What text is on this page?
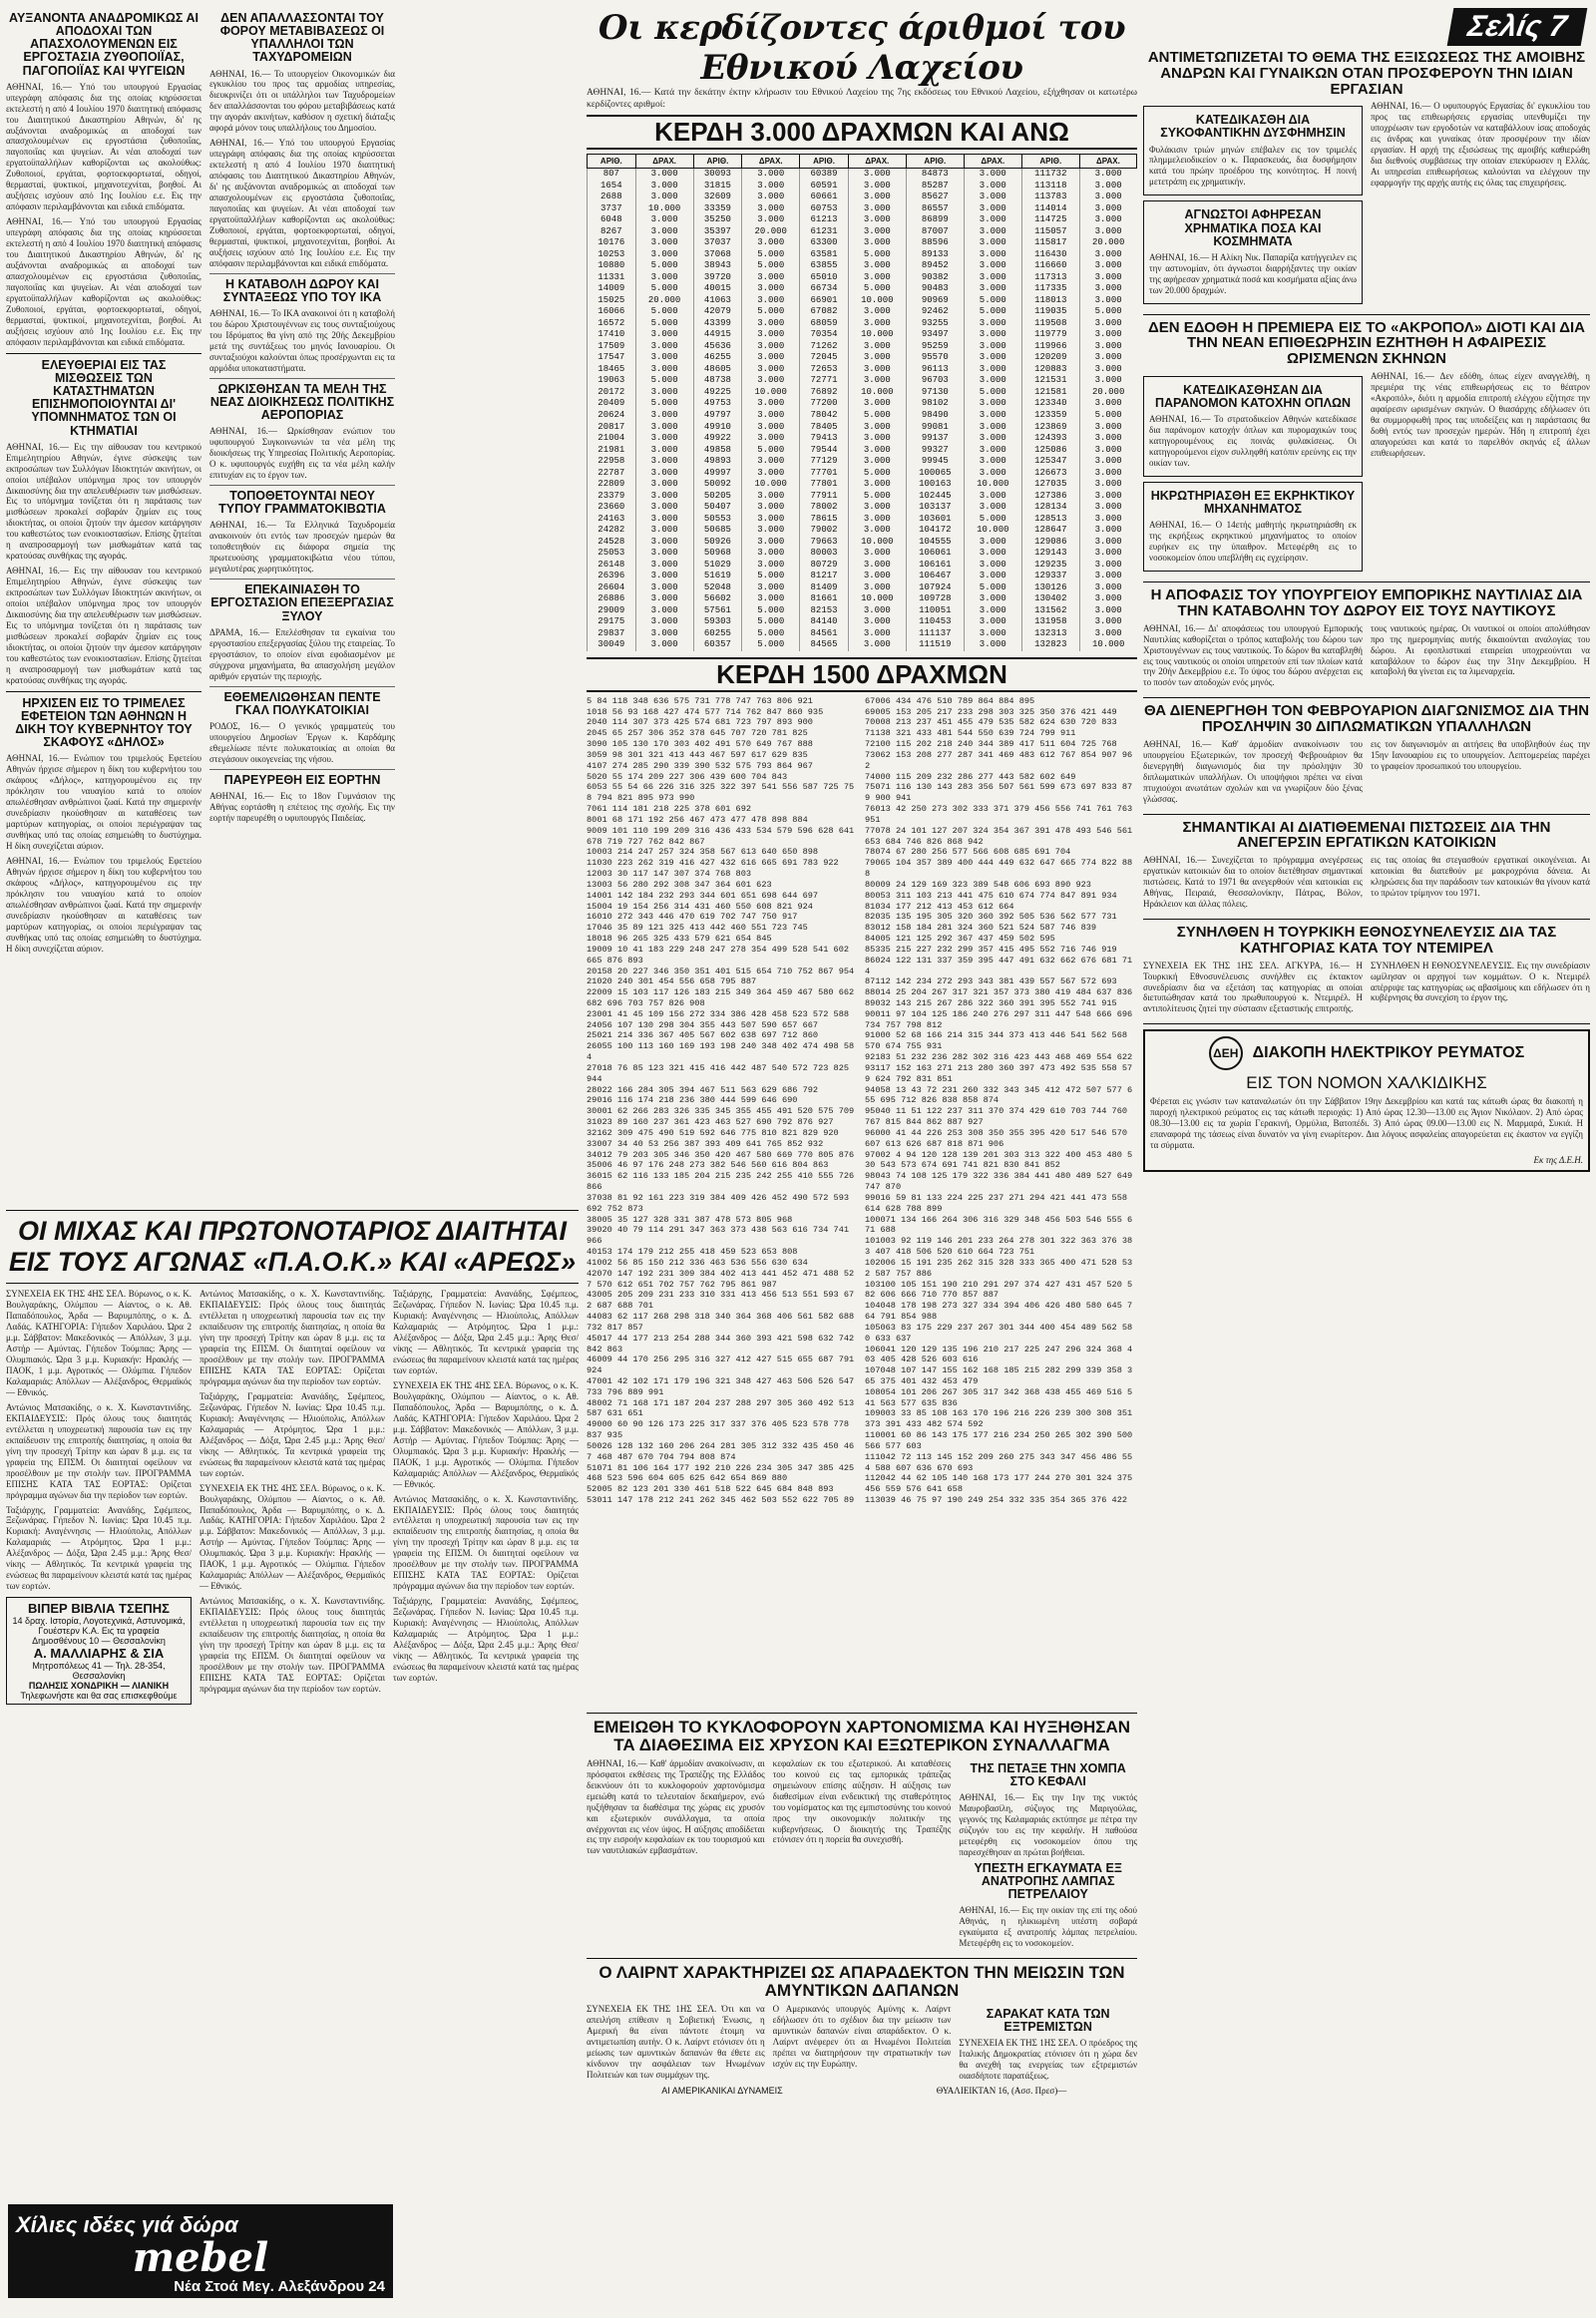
ΑΥΞΑΝΟΝΤΑ ΑΝΑΔΡΟΜΙΚΩΣ ΑΙ ΑΠΟΔΟΧΑΙ ΤΩΝ ΑΠΑΣΧΟΛΟΥΜΕΝΩΝ ΕΙΣ ΕΡΓΟΣΤΑΣΙΑ ΖΥΘΟΠΟΙΪΑΣ, ΠΑΓΟΠΟΙΪΑΣ ΚΑΙ ΨΥΓΕΙΩΝ

ΑΘΗΝΑΙ, 16.— Υπό του υπουργού Εργασίας υπεγράφη απόφασις δια της οποίας κηρύσσεται εκτελεστή η από 4 Ιουλίου 1970 διαιτητική απόφασις του Διαιτητικού Δικαστηρίου Αθηνών, δι' ης αυξάνονται αναδρομικώς αι αποδοχαί των απασχολουμένων εις εργοστάσια ζυθοποιΐας, παγοποιΐας και ψυγείων. Αι νέαι αποδοχαί των εργατοϋπαλλήλων καθορίζονται ως ακολούθως: Ζυθοποιοί, εργάται, φορτοεκφορτωταί, οδηγοί, θερμασταί, ψυκτικοί, μηχανοτεχνίται, βοηθοί. Αι αυξήσεις ισχύουν από 1ης Ιουλίου ε.ε. Εις την απόφασιν περιλαμβάνονται και ειδικά επιδόματα.

ΑΘΗΝΑΙ, 16.— Υπό του υπουργού Εργασίας υπεγράφη απόφασις δια της οποίας κηρύσσεται εκτελεστή η από 4 Ιουλίου 1970 διαιτητική απόφασις του Διαιτητικού Δικαστηρίου Αθηνών, δι' ης αυξάνονται αναδρομικώς αι αποδοχαί των απασχολουμένων εις εργοστάσια ζυθοποιΐας, παγοποιΐας και ψυγείων. Αι νέαι αποδοχαί των εργατοϋπαλλήλων καθορίζονται ως ακολούθως: Ζυθοποιοί, εργάται, φορτοεκφορτωταί, οδηγοί, θερμασταί, ψυκτικοί, μηχανοτεχνίται, βοηθοί. Αι αυξήσεις ισχύουν από 1ης Ιουλίου ε.ε. Εις την απόφασιν περιλαμβάνονται και ειδικά επιδόματα.

ΕΛΕΥΘΕΡΙΑΙ ΕΙΣ ΤΑΣ ΜΙΣΘΩΣΕΙΣ ΤΩΝ ΚΑΤΑΣΤΗΜΑΤΩΝ ΕΠΙΣΗΜΟΠΟΙΟΥΝΤΑΙ ΔΙ' ΥΠΟΜΝΗΜΑΤΟΣ ΤΩΝ ΟΙ ΚΤΗΜΑΤΙΑΙ

ΑΘΗΝΑΙ, 16.— Εις την αίθουσαν του κεντρικού Επιμελητηρίου Αθηνών, έγινε σύσκεψις των εκπροσώπων των Συλλόγων Ιδιοκτητών ακινήτων, οι οποίοι υπέβαλον υπόμνημα προς τον υπουργόν Δικαιοσύνης δια την απελευθέρωσιν των μισθώσεων. Εις το υπόμνημα τονίζεται ότι η παράτασις των μισθώσεων προκαλεί σοβαράν ζημίαν εις τους ιδιοκτήτας, οι οποίοι ζητούν την άμεσον κατάργησιν του καθεστώτος των ενοικιοστασίων. Επίσης ζητείται η αναπροσαρμογή των μισθωμάτων κατά τας κρατούσας συνθήκας της αγοράς.

ΑΘΗΝΑΙ, 16.— Εις την αίθουσαν του κεντρικού Επιμελητηρίου Αθηνών, έγινε σύσκεψις των εκπροσώπων των Συλλόγων Ιδιοκτητών ακινήτων, οι οποίοι υπέβαλον υπόμνημα προς τον υπουργόν Δικαιοσύνης δια την απελευθέρωσιν των μισθώσεων. Εις το υπόμνημα τονίζεται ότι η παράτασις των μισθώσεων προκαλεί σοβαράν ζημίαν εις τους ιδιοκτήτας, οι οποίοι ζητούν την άμεσον κατάργησιν του καθεστώτος των ενοικιοστασίων. Επίσης ζητείται η αναπροσαρμογή των μισθωμάτων κατά τας κρατούσας συνθήκας της αγοράς.

ΗΡΧΙΣΕΝ ΕΙΣ ΤΟ ΤΡΙΜΕΛΕΣ ΕΦΕΤΕΙΟΝ ΤΩΝ ΑΘΗΝΩΝ Η ΔΙΚΗ ΤΟΥ ΚΥΒΕΡΝΗΤΟΥ ΤΟΥ ΣΚΑΦΟΥΣ «ΔΗΛΟΣ»

ΑΘΗΝΑΙ, 16.— Ενώπιον του τριμελούς Εφετείου Αθηνών ήρχισε σήμερον η δίκη του κυβερνήτου του σκάφους «Δήλος», κατηγορουμένου εις την πρόκλησιν του ναυαγίου κατά το οποίον απωλέσθησαν ανθρώπινοι ζωαί. Κατά την σημερινήν συνεδρίασιν ηκούσθησαν αι καταθέσεις των μαρτύρων κατηγορίας, οι οποίοι περιέγραψαν τας συνθήκας υπό τας οποίας εσημειώθη το δυστύχημα. Η δίκη συνεχίζεται αύριον.

ΑΘΗΝΑΙ, 16.— Ενώπιον του τριμελούς Εφετείου Αθηνών ήρχισε σήμερον η δίκη του κυβερνήτου του σκάφους «Δήλος», κατηγορουμένου εις την πρόκλησιν του ναυαγίου κατά το οποίον απωλέσθησαν ανθρώπινοι ζωαί. Κατά την σημερινήν συνεδρίασιν ηκούσθησαν αι καταθέσεις των μαρτύρων κατηγορίας, οι οποίοι περιέγραψαν τας συνθήκας υπό τας οποίας εσημειώθη το δυστύχημα. Η δίκη συνεχίζεται αύριον.

ΔΕΝ ΑΠΑΛΛΑΣΣΟΝΤΑΙ ΤΟΥ ΦΟΡΟΥ ΜΕΤΑΒΙΒΑΣΕΩΣ ΟΙ ΥΠΑΛΛΗΛΟΙ ΤΩΝ ΤΑΧΥΔΡΟΜΕΙΩΝ

ΑΘΗΝΑΙ, 16.— Το υπουργείον Οικονομικών δια εγκυκλίου του προς τας αρμοδίας υπηρεσίας, διευκρινίζει ότι οι υπάλληλοι των Ταχυδρομείων δεν απαλλάσσονται του φόρου μεταβιβάσεως κατά την αγοράν ακινήτων, καθόσον η σχετική διάταξις αφορά μόνον τους υπαλλήλους του Δημοσίου.

ΑΘΗΝΑΙ, 16.— Υπό του υπουργού Εργασίας υπεγράφη απόφασις δια της οποίας κηρύσσεται εκτελεστή η από 4 Ιουλίου 1970 διαιτητική απόφασις του Διαιτητικού Δικαστηρίου Αθηνών, δι' ης αυξάνονται αναδρομικώς αι αποδοχαί των απασχολουμένων εις εργοστάσια ζυθοποιΐας, παγοποιΐας και ψυγείων. Αι νέαι αποδοχαί των εργατοϋπαλλήλων καθορίζονται ως ακολούθως: Ζυθοποιοί, εργάται, φορτοεκφορτωταί, οδηγοί, θερμασταί, ψυκτικοί, μηχανοτεχνίται, βοηθοί. Αι αυξήσεις ισχύουν από 1ης Ιουλίου ε.ε. Εις την απόφασιν περιλαμβάνονται και ειδικά επιδόματα.

Η ΚΑΤΑΒΟΛΗ ΔΩΡΟΥ ΚΑΙ ΣΥΝΤΑΞΕΩΣ ΥΠΟ ΤΟΥ ΙΚΑ

ΑΘΗΝΑΙ, 16.— Το ΙΚΑ ανακοινοί ότι η καταβολή του δώρου Χριστουγέννων εις τους συνταξιούχους του Ιδρύματος θα γίνη από της 20ής Δεκεμβρίου μετά της συντάξεως του μηνός Ιανουαρίου. Οι συνταξιούχοι καλούνται όπως προσέρχωνται εις τα αρμόδια υποκαταστήματα.

ΩΡΚΙΣΘΗΣΑΝ ΤΑ ΜΕΛΗ ΤΗΣ ΝΕΑΣ ΔΙΟΙΚΗΣΕΩΣ ΠΟΛΙΤΙΚΗΣ ΑΕΡΟΠΟΡΙΑΣ

ΑΘΗΝΑΙ, 16.— Ωρκίσθησαν ενώπιον του υφυπουργού Συγκοινωνιών τα νέα μέλη της διοικήσεως της Υπηρεσίας Πολιτικής Αεροπορίας. Ο κ. υφυπουργός ευχήθη εις τα νέα μέλη καλήν επιτυχίαν εις το έργον των.

ΤΟΠΟΘΕΤΟΥΝΤΑΙ ΝΕΟΥ ΤΥΠΟΥ ΓΡΑΜΜΑΤΟΚΙΒΩΤΙΑ

ΑΘΗΝΑΙ, 16.— Τα Ελληνικά Ταχυδρομεία ανακοινούν ότι εντός των προσεχών ημερών θα τοποθετηθούν εις διάφορα σημεία της πρωτευούσης γραμματοκιβώτια νέου τύπου, μεγαλυτέρας χωρητικότητος.

ΕΠΕΚΑΙΝΙΑΣΘΗ ΤΟ ΕΡΓΟΣΤΑΣΙΟΝ ΕΠΕΞΕΡΓΑΣΙΑΣ ΞΥΛΟΥ

ΔΡΑΜΑ, 16.— Επελέσθησαν τα εγκαίνια του εργοστασίου επεξεργασίας ξύλου της εταιρείας. Το εργοστάσιον, το οποίον είναι εφοδιασμένον με σύγχρονα μηχανήματα, θα απασχολήση μεγάλον αριθμόν εργατών της περιοχής.

ΕΘΕΜΕΛΙΩΘΗΣΑΝ ΠΕΝΤΕ ΓΚΑΛ ΠΟΛΥΚΑΤΟΙΚΙΑΙ

ΡΟΔΟΣ, 16.— Ο γενικός γραμματεύς του υπουργείου Δημοσίων Έργων κ. Καρδάμης εθεμελίωσε πέντε πολυκατοικίας αι οποίαι θα στεγάσουν οικογενείας της νήσου.

ΠΑΡΕΥΡΕΘΗ ΕΙΣ ΕΟΡΤΗΝ

ΑΘΗΝΑΙ, 16.— Εις το 18ον Γυμνάσιον της Αθήνας εορτάσθη η επέτειος της σχολής. Εις την εορτήν παρευρέθη ο υφυπουργός Παιδείας.

ΟΙ ΜΙΧΑΣ ΚΑΙ ΠΡΩΤΟΝΟΤΑΡΙΟΣ ΔΙΑΙΤΗΤΑΙ ΕΙΣ ΤΟΥΣ ΑΓΩΝΑΣ «Π.Α.Ο.Κ.» ΚΑΙ «ΑΡΕΩΣ»

ΣΥΝΕΧΕΙΑ ΕΚ ΤΗΣ 4ΗΣ ΣΕΛ. Βύρωνος, ο κ. Κ. Βουλγαράκης, Ολύμπου — Αίαντος, ο κ. Αθ. Παπαδόπουλος, Άρδα — Βαρυμπόπης, ο κ. Δ. Λαδάς. ΚΑΤΗΓΟΡΙΑ: Γήπεδον Χαριλάου. Ώρα 2 μ.μ. Σάββατον: Μακεδονικός — Απόλλων, 3 μ.μ. Αστήρ — Αμύντας. Γήπεδον Τούμπας: Άρης — Ολυμπιακός. Ώρα 3 μ.μ. Κυριακήν: Ηρακλής — ΠΑΟΚ, 1 μ.μ. Αγροτικός — Ολύμπια. Γήπεδον Καλαμαριάς: Απόλλων — Αλέξανδρος, Θερμαϊκός — Εθνικός.

Αντώνιος Ματσακίδης, ο κ. Χ. Κωνσταντινίδης. ΕΚΠΑΙΔΕΥΣΙΣ: Πρός όλους τους διαιτητάς εντέλλεται η υποχρεωτική παρουσία των εις την εκπαίδευσιν της επιτροπής διαιτησίας, η οποία θα γίνη την προσεχή Τρίτην και ώραν 8 μ.μ. εις τα γραφεία της ΕΠΣΜ. Οι διαιτηταί οφείλουν να προσέλθουν με την στολήν των. ΠΡΟΓΡΑΜΜΑ ΕΠΙΣΗΣ ΚΑΤΑ ΤΑΣ ΕΟΡΤΑΣ: Ορίζεται πρόγραμμα αγώνων δια την περίοδον των εορτών.

Ταξιάρχης, Γραμματεία: Ανανάδης, Σφέμπεος, Ξεζωνάρας. Γήπεδον Ν. Ιωνίας: Ώρα 10.45 π.μ. Κυριακή: Αναγέννησις — Ηλιούπολις, Απόλλων Καλαμαριάς — Ατρόμητος. Ώρα 1 μ.μ.: Αλέξανδρος — Δόξα, Ώρα 2.45 μ.μ.: Άρης Θεσ/νίκης — Αθλητικός. Τα κεντρικά γραφεία της ενώσεως θα παραμείνουν κλειστά κατά τας ημέρας των εορτών.

ΒΙΠΕΡ ΒΙΒΛΙΑ ΤΣΕΠΗΣ
14 δραχ. Ιστορία, Λογοτεχνικά, Αστυνομικά, Γουέστερν Κ.Α. Εις τα γραφεία Δημοσθένους 10 — Θεσσαλονίκη
Α. ΜΑΛΛΙΑΡΗΣ & ΣΙΑ
Μητροπόλεως 41 — Τηλ. 28-354, Θεσσαλονίκη
ΠΩΛΗΣΙΣ ΧΟΝΔΡΙΚΗ — ΛΙΑΝΙΚΗ
Τηλεφωνήστε και θα σας επισκεφθούμε

Αντώνιος Ματσακίδης, ο κ. Χ. Κωνσταντινίδης. ΕΚΠΑΙΔΕΥΣΙΣ: Πρός όλους τους διαιτητάς εντέλλεται η υποχρεωτική παρουσία των εις την εκπαίδευσιν της επιτροπής διαιτησίας, η οποία θα γίνη την προσεχή Τρίτην και ώραν 8 μ.μ. εις τα γραφεία της ΕΠΣΜ. Οι διαιτηταί οφείλουν να προσέλθουν με την στολήν των. ΠΡΟΓΡΑΜΜΑ ΕΠΙΣΗΣ ΚΑΤΑ ΤΑΣ ΕΟΡΤΑΣ: Ορίζεται πρόγραμμα αγώνων δια την περίοδον των εορτών.

Ταξιάρχης, Γραμματεία: Ανανάδης, Σφέμπεος, Ξεζωνάρας. Γήπεδον Ν. Ιωνίας: Ώρα 10.45 π.μ. Κυριακή: Αναγέννησις — Ηλιούπολις, Απόλλων Καλαμαριάς — Ατρόμητος. Ώρα 1 μ.μ.: Αλέξανδρος — Δόξα, Ώρα 2.45 μ.μ.: Άρης Θεσ/νίκης — Αθλητικός. Τα κεντρικά γραφεία της ενώσεως θα παραμείνουν κλειστά κατά τας ημέρας των εορτών.

ΣΥΝΕΧΕΙΑ ΕΚ ΤΗΣ 4ΗΣ ΣΕΛ. Βύρωνος, ο κ. Κ. Βουλγαράκης, Ολύμπου — Αίαντος, ο κ. Αθ. Παπαδόπουλος, Άρδα — Βαρυμπόπης, ο κ. Δ. Λαδάς. ΚΑΤΗΓΟΡΙΑ: Γήπεδον Χαριλάου. Ώρα 2 μ.μ. Σάββατον: Μακεδονικός — Απόλλων, 3 μ.μ. Αστήρ — Αμύντας. Γήπεδον Τούμπας: Άρης — Ολυμπιακός. Ώρα 3 μ.μ. Κυριακήν: Ηρακλής — ΠΑΟΚ, 1 μ.μ. Αγροτικός — Ολύμπια. Γήπεδον Καλαμαριάς: Απόλλων — Αλέξανδρος, Θερμαϊκός — Εθνικός.

Αντώνιος Ματσακίδης, ο κ. Χ. Κωνσταντινίδης. ΕΚΠΑΙΔΕΥΣΙΣ: Πρός όλους τους διαιτητάς εντέλλεται η υποχρεωτική παρουσία των εις την εκπαίδευσιν της επιτροπής διαιτησίας, η οποία θα γίνη την προσεχή Τρίτην και ώραν 8 μ.μ. εις τα γραφεία της ΕΠΣΜ. Οι διαιτηταί οφείλουν να προσέλθουν με την στολήν των. ΠΡΟΓΡΑΜΜΑ ΕΠΙΣΗΣ ΚΑΤΑ ΤΑΣ ΕΟΡΤΑΣ: Ορίζεται πρόγραμμα αγώνων δια την περίοδον των εορτών.

Ταξιάρχης, Γραμματεία: Ανανάδης, Σφέμπεος, Ξεζωνάρας. Γήπεδον Ν. Ιωνίας: Ώρα 10.45 π.μ. Κυριακή: Αναγέννησις — Ηλιούπολις, Απόλλων Καλαμαριάς — Ατρόμητος. Ώρα 1 μ.μ.: Αλέξανδρος — Δόξα, Ώρα 2.45 μ.μ.: Άρης Θεσ/νίκης — Αθλητικός. Τα κεντρικά γραφεία της ενώσεως θα παραμείνουν κλειστά κατά τας ημέρας των εορτών.

ΣΥΝΕΧΕΙΑ ΕΚ ΤΗΣ 4ΗΣ ΣΕΛ. Βύρωνος, ο κ. Κ. Βουλγαράκης, Ολύμπου — Αίαντος, ο κ. Αθ. Παπαδόπουλος, Άρδα — Βαρυμπόπης, ο κ. Δ. Λαδάς. ΚΑΤΗΓΟΡΙΑ: Γήπεδον Χαριλάου. Ώρα 2 μ.μ. Σάββατον: Μακεδονικός — Απόλλων, 3 μ.μ. Αστήρ — Αμύντας. Γήπεδον Τούμπας: Άρης — Ολυμπιακός. Ώρα 3 μ.μ. Κυριακήν: Ηρακλής — ΠΑΟΚ, 1 μ.μ. Αγροτικός — Ολύμπια. Γήπεδον Καλαμαριάς: Απόλλων — Αλέξανδρος, Θερμαϊκός — Εθνικός.

Αντώνιος Ματσακίδης, ο κ. Χ. Κωνσταντινίδης. ΕΚΠΑΙΔΕΥΣΙΣ: Πρός όλους τους διαιτητάς εντέλλεται η υποχρεωτική παρουσία των εις την εκπαίδευσιν της επιτροπής διαιτησίας, η οποία θα γίνη την προσεχή Τρίτην και ώραν 8 μ.μ. εις τα γραφεία της ΕΠΣΜ. Οι διαιτηταί οφείλουν να προσέλθουν με την στολήν των. ΠΡΟΓΡΑΜΜΑ ΕΠΙΣΗΣ ΚΑΤΑ ΤΑΣ ΕΟΡΤΑΣ: Ορίζεται πρόγραμμα αγώνων δια την περίοδον των εορτών.

Ταξιάρχης, Γραμματεία: Ανανάδης, Σφέμπεος, Ξεζωνάρας. Γήπεδον Ν. Ιωνίας: Ώρα 10.45 π.μ. Κυριακή: Αναγέννησις — Ηλιούπολις, Απόλλων Καλαμαριάς — Ατρόμητος. Ώρα 1 μ.μ.: Αλέξανδρος — Δόξα, Ώρα 2.45 μ.μ.: Άρης Θεσ/νίκης — Αθλητικός. Τα κεντρικά γραφεία της ενώσεως θα παραμείνουν κλειστά κατά τας ημέρας των εορτών.

Χίλιες ιδέες γιά δώρα
mebel
Νέα Στοά Μεγ. Αλεξάνδρου 24
Οι κερδίζοντες άριθμοί του Εθνικού Λαχείου

ΑΘΗΝΑΙ, 16.— Κατά την δεκάτην έκτην κλήρωσιν του Εθνικού Λαχείου της 7ης εκδόσεως του Εθνικού Λαχείου, εξήχθησαν οι κατωτέρω κερδίζοντες αριθμοί:

ΚΕΡΔΗ 3.000 ΔΡΑΧΜΩΝ ΚΑΙ ΑΝΩ
ΑΡΙΘ.	ΔΡΑΧ.	ΑΡΙΘ.	ΔΡΑΧ.	ΑΡΙΘ.	ΔΡΑΧ.	ΑΡΙΘ.	ΔΡΑΧ.	ΑΡΙΘ.	ΔΡΑΧ.
807	3.000	30093	3.000	60389	3.000	84873	3.000	111732	3.000
1654	3.000	31815	3.000	60591	3.000	85287	3.000	113118	3.000
2688	3.000	32609	3.000	60661	3.000	85627	3.000	113783	3.000
3737	10.000	33359	3.000	60753	3.000	86557	3.000	114014	3.000
6048	3.000	35250	3.000	61213	3.000	86899	3.000	114725	3.000
8267	3.000	35397	20.000	61231	3.000	87007	3.000	115057	3.000
10176	3.000	37037	3.000	63300	3.000	88596	3.000	115817	20.000
10253	3.000	37068	5.000	63581	5.000	89133	3.000	116430	3.000
10880	5.000	38943	5.000	63855	3.000	89452	3.000	116660	3.000
11331	3.000	39720	3.000	65010	3.000	90382	3.000	117313	3.000
14009	5.000	40015	3.000	66734	5.000	90483	3.000	117335	3.000
15025	20.000	41063	3.000	66901	10.000	90969	5.000	118013	3.000
16066	5.000	42079	5.000	67082	3.000	92462	5.000	119035	5.000
16572	5.000	43399	3.000	68059	3.000	93255	3.000	119508	3.000
17410	3.000	44915	3.000	70354	10.000	93497	3.000	119779	3.000
17509	3.000	45636	3.000	71262	3.000	95259	3.000	119966	3.000
17547	3.000	46255	3.000	72045	3.000	95570	3.000	120209	3.000
18465	3.000	48605	3.000	72653	3.000	96113	3.000	120883	3.000
19063	5.000	48738	3.000	72771	3.000	96703	3.000	121531	3.000
20172	3.000	49225	10.000	76892	10.000	97130	5.000	121581	20.000
20409	5.000	49753	3.000	77200	3.000	98102	3.000	123340	3.000
20624	3.000	49797	3.000	78042	5.000	98490	3.000	123359	5.000
20817	3.000	49910	3.000	78405	3.000	99081	3.000	123869	3.000
21004	3.000	49922	3.000	79413	3.000	99137	3.000	124393	3.000
21981	3.000	49858	5.000	79544	3.000	99327	3.000	125086	3.000
22958	3.000	49893	3.000	77129	3.000	99945	3.000	125347	3.000
22787	3.000	49997	3.000	77701	5.000	100065	3.000	126673	3.000
22809	3.000	50092	10.000	77801	3.000	100163	10.000	127035	3.000
23379	3.000	50205	3.000	77911	5.000	102445	3.000	127386	3.000
23660	3.000	50407	3.000	78002	3.000	103137	3.000	128134	3.000
24163	3.000	50553	3.000	78615	3.000	103601	5.000	128513	3.000
24282	3.000	50685	3.000	79002	3.000	104172	10.000	128647	3.000
24528	3.000	50926	3.000	79663	10.000	104555	3.000	129086	3.000
25053	3.000	50968	3.000	80003	3.000	106061	3.000	129143	3.000
26148	3.000	51029	3.000	80729	3.000	106161	3.000	129235	3.000
26396	3.000	51619	5.000	81217	3.000	106467	3.000	129337	3.000
26604	3.000	52048	3.000	81409	3.000	107924	5.000	130126	3.000
26886	3.000	56602	3.000	81661	10.000	109728	3.000	130402	3.000
29009	3.000	57561	5.000	82153	3.000	110051	3.000	131562	3.000
29175	3.000	59303	5.000	84140	3.000	110453	3.000	131958	3.000
29837	3.000	60255	5.000	84561	3.000	111137	3.000	132313	3.000
30049	3.000	60357	5.000	84565	3.000	111519	3.000	132823	10.000
ΚΕΡΔΗ 1500 ΔΡΑΧΜΩΝ
5 84 118 348 636 575 731 778 747 763 806 921
1018 56 93 168 427 474 577 714 762 847 860 935
2040 114 307 373 425 574 681 723 797 893 900
2045 65 257 306 352 378 645 707 720 781 825
3090 105 130 170 303 402 491 570 649 767 888
3059 98 301 321 413 443 467 597 617 629 835
4107 274 285 290 339 390 532 575 793 864 967
5020 55 174 209 227 306 439 600 704 843
6053 55 54 66 226 316 325 322 397 541 556 587 725 758 794 821 895 973 990
7061 114 181 218 225 378 601 692
8001 68 171 192 256 467 473 477 478 898 884
9009 101 110 199 209 316 436 433 534 579 596 628 641 678 719 727 762 842 867
10003 214 247 257 324 358 567 613 640 650 898
11030 223 262 319 416 427 432 616 665 691 783 922
12003 30 117 147 307 374 768 803
13003 56 280 292 308 347 364 601 623
14001 142 184 232 293 344 601 651 698 644 697
15004 19 154 256 314 431 460 550 608 821 924
16010 272 343 446 470 619 702 747 750 917
17046 35 89 121 325 413 442 460 551 723 745
18018 96 265 325 433 579 621 654 845
19009 10 41 183 229 248 247 278 354 499 528 541 602 665 876 893
20158 20 227 346 350 351 401 515 654 710 752 867 954
21020 240 301 454 556 658 795 887
22009 15 103 117 126 183 215 349 364 459 467 580 662 682 696 703 757 826 908
23001 41 45 109 156 272 334 386 428 458 523 572 588
24056 107 130 298 304 355 443 507 590 657 667
25021 214 336 367 405 567 602 638 697 712 860
26055 100 113 160 169 193 198 240 348 402 474 498 584
27018 76 85 123 321 415 416 442 487 540 572 723 825 944
28022 166 284 305 394 467 511 563 629 686 792
29016 116 174 218 236 380 444 599 646 690
30001 62 266 283 326 335 345 355 455 491 520 575 709
31023 89 160 237 361 423 463 527 690 792 876 927
32162 309 475 490 519 592 646 775 810 821 829 920
33007 34 40 53 256 387 393 409 641 765 852 932
34012 79 203 305 346 350 420 467 580 669 770 805 876
35006 46 97 176 248 273 382 546 560 616 804 863
36015 62 116 133 185 204 215 235 242 255 410 555 726 866
37038 81 92 161 223 319 384 409 426 452 490 572 593 692 752 873
38005 35 127 328 331 387 478 573 805 968
39020 40 79 114 291 347 363 373 438 563 616 734 741 966
40153 174 179 212 255 418 459 523 653 808
41002 56 85 150 212 336 463 536 556 630 634
42070 147 192 231 309 384 402 413 441 452 471 488 527 570 612 651 702 757 762 795 861 987
43005 205 209 231 233 310 331 413 456 513 551 593 672 687 688 701
44083 62 117 268 298 318 340 364 368 406 561 582 688 732 817 857
45017 44 177 213 254 288 344 360 393 421 598 632 742 842 863
46009 44 170 256 295 316 327 412 427 515 655 687 791 924
47001 42 102 171 179 196 321 348 427 463 506 526 547 733 796 889 991
48002 71 168 171 187 204 237 288 297 305 360 492 513 587 631 651
49000 60 90 126 173 225 317 337 376 405 523 578 778 837 935
50026 128 132 160 206 264 281 305 312 332 435 450 467 468 487 670 704 794 808 874
51071 81 106 164 177 192 210 226 234 305 347 385 425 468 523 596 604 605 625 642 654 869 880
52005 82 123 201 330 461 518 522 645 684 848 893
53011 147 178 212 241 262 345 462 503 552 622 705 89

67006 434 476 510 789 864 884 895
69005 153 205 217 233 298 303 325 350 376 421 449
70008 213 237 451 455 479 535 582 624 630 720 833
71138 321 433 481 544 550 639 724 799 911
72100 115 202 218 240 344 389 417 511 604 725 768
73062 153 208 277 287 341 469 483 612 767 854 907 962
74000 115 209 232 286 277 443 582 602 649
75071 116 130 143 283 356 507 561 599 673 697 833 879 900 941
76013 42 250 273 302 333 371 379 456 556 741 761 763 951
77078 24 101 127 207 324 354 367 391 478 493 546 561 653 684 746 826 868 942
78074 67 280 256 577 566 608 685 691 704
79065 104 357 389 400 444 449 632 647 665 774 822 888
80009 24 129 169 323 389 548 606 693 890 923
80053 311 103 213 441 475 610 674 774 847 891 934
81034 177 212 413 453 612 664
82035 135 195 305 320 360 392 505 536 562 577 731
83012 158 184 281 324 360 521 524 587 746 839
84005 121 125 292 367 437 459 502 595
85335 215 227 232 299 357 415 495 552 716 746 919
86024 122 131 337 359 395 447 491 632 662 676 681 714
87112 142 234 272 293 343 381 439 557 567 572 693
88014 25 204 267 317 321 357 373 380 419 484 637 836
89032 143 215 267 286 322 360 391 395 552 741 915
90011 97 104 125 186 240 276 297 311 447 548 666 696 734 757 798 812
91000 52 68 166 214 315 344 373 413 446 541 562 568 570 674 755 931
92183 51 232 236 282 302 316 423 443 468 469 554 622
93117 152 163 271 213 280 360 397 473 492 535 558 579 624 792 831 851
94058 13 43 72 231 260 332 343 345 412 472 507 577 655 695 712 826 838 858 874
95040 11 51 122 237 311 370 374 429 610 703 744 760 767 815 844 862 887 927
96000 41 44 226 253 308 350 355 395 420 517 546 570 607 613 626 687 818 871 906
97002 4 94 120 128 139 201 303 313 322 400 453 480 530 543 573 674 691 741 821 830 841 852
98043 74 108 125 179 322 336 384 441 480 489 527 649 747 870
99016 59 81 133 224 225 237 271 294 421 441 473 558 614 628 788 899
100071 134 166 264 306 316 329 348 456 503 546 555 671 688
101003 92 119 146 201 233 264 278 301 322 363 376 383 407 418 506 520 610 664 723 751
102006 15 191 235 262 315 328 333 365 400 471 528 532 587 757 886
103100 105 151 190 210 291 297 374 427 431 457 520 582 606 666 710 770 857 887
104048 178 198 273 327 334 394 406 426 480 580 645 764 791 854 988
105063 83 175 229 237 267 301 344 400 454 489 562 580 633 637
106041 120 129 135 196 210 217 225 247 296 324 368 403 405 428 526 603 616
107048 107 147 155 162 168 185 215 282 299 339 358 365 375 401 432 453 479
108054 101 206 267 305 317 342 368 438 455 469 516 541 563 577 635 836
109003 33 85 108 163 170 196 216 226 239 300 308 351 373 391 433 482 574 592
110001 60 86 143 175 177 216 234 250 265 302 390 500 566 577 603
111042 72 113 145 152 209 260 275 343 347 456 486 554 588 607 636 670 693
112042 44 62 105 140 168 173 177 244 270 301 324 375 456 559 576 641 658
113039 46 75 97 190 249 254 332 335 354 365 376 422

ΕΜΕΙΩΘΗ ΤΟ ΚΥΚΛΟΦΟΡΟΥΝ ΧΑΡΤΟΝΟΜΙΣΜΑ ΚΑΙ ΗΥΞΗΘΗΣΑΝ ΤΑ ΔΙΑΘΕΣΙΜΑ ΕΙΣ ΧΡΥΣΟΝ ΚΑΙ ΕΞΩΤΕΡΙΚΟΝ ΣΥΝΑΛΛΑΓΜΑ

ΑΘΗΝΑΙ, 16.— Καθ' άρμοδίαν ανακοίνωσιν, αι πρόσφατοι εκθέσεις της Τραπέζης της Ελλάδος δεικνύουν ότι το κυκλοφορούν χαρτονόμισμα εμειώθη κατά το τελευταίον δεκαήμερον, ενώ ηυξήθησαν τα διαθέσιμα της χώρας εις χρυσόν και εξωτερικόν συνάλλαγμα, τα οποία ανέρχονται εις νέον ύψος. Η αύξησις αποδίδεται εις την εισροήν κεφαλαίων εκ του τουρισμού και των ναυτιλιακών εμβασμάτων.

κεφαλαίων εκ του εξωτερικού. Αι καταθέσεις του κοινού εις τας εμπορικάς τράπεζας σημειώνουν επίσης αύξησιν. Η αύξησις των διαθεσίμων είναι ενδεικτική της σταθερότητος του νομίσματος και της εμπιστοσύνης του κοινού προς την οικονομικήν πολιτικήν της κυβερνήσεως. Ο διοικητής της Τραπέζης ετόνισεν ότι η πορεία θα συνεχισθή.

ΤΗΣ ΠΕΤΑΞΕ ΤΗΝ ΧΟΜΠΑ ΣΤΟ ΚΕΦΑΛΙ

ΑΘΗΝΑΙ, 16.— Εις την 1ην της νυκτός Μαυροβασίλη, σύζυγος της Μαριγούλας, γεγονός της Καλαμαριάς εκτύπησε με πέτρα την σύζυγόν του εις την κεφαλήν. Η παθούσα μετεφέρθη εις νοσοκομείον όπου της παρεσχέθησαν αι πρώται βοήθειαι.

ΥΠΕΣΤΗ ΕΓΚΑΥΜΑΤΑ ΕΞ ΑΝΑΤΡΟΠΗΣ ΛΑΜΠΑΣ ΠΕΤΡΕΛΑΙΟΥ

ΑΘΗΝΑΙ, 16.— Εις την οικίαν της επί της οδού Αθηνάς, η ηλικιωμένη υπέστη σοβαρά εγκαύματα εξ ανατροπής λάμπας πετρελαίου. Μετεφέρθη εις το νοσοκομείον.

Ο ΛΑΙΡΝΤ ΧΑΡΑΚΤΗΡΙΖΕΙ ΩΣ ΑΠΑΡΑΔΕΚΤΟΝ ΤΗΝ ΜΕΙΩΣΙΝ ΤΩΝ ΑΜΥΝΤΙΚΩΝ ΔΑΠΑΝΩΝ

ΣΥΝΕΧΕΙΑ ΕΚ ΤΗΣ 1ΗΣ ΣΕΛ. Ότι και να απειλήση επίθεσιν η Σοβιετική Ένωσις, η Αμερική θα είναι πάντοτε έτοιμη να αντιμετωπίση αυτήν. Ο κ. Λαίρντ ετόνισεν ότι η μείωσις των αμυντικών δαπανών θα έθετε εις κίνδυνον την ασφάλειαν των Ηνωμένων Πολιτειών και των συμμάχων της.

Ο Αμερικανός υπουργός Αμύνης κ. Λαίρντ εδήλωσεν ότι το σχέδιον δια την μείωσιν των αμυντικών δαπανών είναι απαράδεκτον. Ο κ. Λαίρντ ανέφερεν ότι αι Ηνωμένοι Πολιτείαι πρέπει να διατηρήσουν την στρατιωτικήν των ισχύν εις την Ευρώπην.

ΣΑΡΑΚΑΤ ΚΑΤΑ ΤΩΝ ΕΞΤΡΕΜΙΣΤΩΝ

ΣΥΝΕΧΕΙΑ ΕΚ ΤΗΣ 1ΗΣ ΣΕΛ. Ο πρόεδρος της Ιταλικής Δημοκρατίας ετόνισεν ότι η χώρα δεν θα ανεχθή τας ενεργείας των εξτρεμιστών οιασδήποτε παρατάξεως.

ΑΙ ΑΜΕΡΙΚΑΝΙΚΑΙ ΔΥΝΑΜΕΙΣ	ΘΥΑΛΙΕΙΚΤΑΝ 16, (Ασσ. Πρεσ)—
Σελίς 7
ΑΝΤΙΜΕΤΩΠΙΖΕΤΑΙ ΤΟ ΘΕΜΑ ΤΗΣ ΕΞΙΣΩΣΕΩΣ ΤΗΣ ΑΜΟΙΒΗΣ ΑΝΔΡΩΝ ΚΑΙ ΓΥΝΑΙΚΩΝ ΟΤΑΝ ΠΡΟΣΦΕΡΟΥΝ ΤΗΝ ΙΔΙΑΝ ΕΡΓΑΣΙΑΝ
ΚΑΤΕΔΙΚΑΣΘΗ ΔΙΑ ΣΥΚΟΦΑΝΤΙΚΗΝ ΔΥΣΦΗΜΗΣΙΝ

Φυλάκισιν τριών μηνών επέβαλεν εις τον τριμελές πλημμελειοδικείον ο κ. Παρασκευάς, δια δυσφήμησιν κατά του πρώην προέδρου της κοινότητος. Η ποινή μετετράπη εις χρηματικήν.

ΑΓΝΩΣΤΟΙ ΑΦΗΡΕΣΑΝ ΧΡΗΜΑΤΙΚΑ ΠΟΣΑ ΚΑΙ ΚΟΣΜΗΜΑΤΑ

ΑΘΗΝΑΙ, 16.— Η Αλίκη Νικ. Παπαρίζα κατήγγειλεν εις την αστυνομίαν, ότι άγνωστοι διαρρήξαντες την οικίαν της αφήρεσαν χρηματικά ποσά και κοσμήματα αξίας άνω των 20.000 δραχμών.

ΑΘΗΝΑΙ, 16.— Ο υφυπουργός Εργασίας δι' εγκυκλίου του προς τας επιθεωρήσεις εργασίας υπενθυμίζει την υποχρέωσιν των εργοδοτών να καταβάλλουν ίσας αποδοχάς εις άνδρας και γυναίκας όταν προσφέρουν την ιδίαν εργασίαν. Η αρχή της εξισώσεως της αμοιβής καθιερώθη δια διεθνούς συμβάσεως την οποίαν επεκύρωσεν η Ελλάς. Αι υπηρεσίαι επιθεωρήσεως καλούνται να ελέγχουν την εφαρμογήν της αρχής αυτής εις όλας τας επιχειρήσεις.

ΔΕΝ ΕΔΟΘΗ Η ΠΡΕΜΙΕΡΑ ΕΙΣ ΤΟ «ΑΚΡΟΠΟΛ» ΔΙΟΤΙ ΚΑΙ ΔΙΑ ΤΗΝ ΝΕΑΝ ΕΠΙΘΕΩΡΗΣΙΝ ΕΖΗΤΗΘΗ Η ΑΦΑΙΡΕΣΙΣ ΩΡΙΣΜΕΝΩΝ ΣΚΗΝΩΝ
ΚΑΤΕΔΙΚΑΣΘΗΣΑΝ ΔΙΑ ΠΑΡΑΝΟΜΟΝ ΚΑΤΟΧΗΝ ΟΠΛΩΝ

ΑΘΗΝΑΙ, 16.— Το στρατοδικείον Αθηνών κατεδίκασε δια παράνομον κατοχήν όπλων και πυρομαχικών τους κατηγορουμένους εις ποινάς φυλακίσεως. Οι κατηγορούμενοι είχον συλληφθή κατόπιν ερεύνης εις την οικίαν των.

ΗΚΡΩΤΗΡΙΑΣΘΗ ΕΞ ΕΚΡΗΚΤΙΚΟΥ ΜΗΧΑΝΗΜΑΤΟΣ

ΑΘΗΝΑΙ, 16.— Ο 14ετής μαθητής ηκρωτηριάσθη εκ της εκρήξεως εκρηκτικού μηχανήματος το οποίον ευρήκεν εις την ύπαιθρον. Μετεφέρθη εις το νοσοκομείον όπου υπεβλήθη εις εγχείρησιν.

ΑΘΗΝΑΙ, 16.— Δεν εδόθη, όπως είχεν αναγγελθή, η πρεμιέρα της νέας επιθεωρήσεως εις το θέατρον «Ακροπόλ», διότι η αρμοδία επιτροπή ελέγχου εζήτησε την αφαίρεσιν ωρισμένων σκηνών. Ο θιασάρχης εδήλωσεν ότι θα συμμορφωθή προς τας υποδείξεις και η παράστασις θα δοθή εντός των προσεχών ημερών. Ήδη η επιτροπή έχει απαγορεύσει και κατά το παρελθόν σκηνάς εξ άλλων επιθεωρήσεων.

Η ΑΠΟΦΑΣΙΣ ΤΟΥ ΥΠΟΥΡΓΕΙΟΥ ΕΜΠΟΡΙΚΗΣ ΝΑΥΤΙΛΙΑΣ ΔΙΑ ΤΗΝ ΚΑΤΑΒΟΛΗΝ ΤΟΥ ΔΩΡΟΥ ΕΙΣ ΤΟΥΣ ΝΑΥΤΙΚΟΥΣ

ΑΘΗΝΑΙ, 16.— Δι' αποφάσεως του υπουργού Εμπορικής Ναυτιλίας καθορίζεται ο τρόπος καταβολής του δώρου των Χριστουγέννων εις τους ναυτικούς. Το δώρον θα καταβληθή εις τους ναυτικούς οι οποίοι υπηρετούν επί των πλοίων κατά την 20ήν Δεκεμβρίου ε.ε. Το ύψος του δώρου ανέρχεται εις το ποσόν των αποδοχών ενός μηνός.

τους ναυτικούς ημέρας. Οι ναυτικοί οι οποίοι απολύθησαν προ της ημερομηνίας αυτής δικαιούνται αναλογίας του δώρου. Αι εφοπλιστικαί εταιρείαι υποχρεούνται να καταβάλουν το δώρον έως την 31ην Δεκεμβρίου. Η καταβολή θα γίνεται εις τα λιμεναρχεία.

ΘΑ ΔΙΕΝΕΡΓΗΘΗ ΤΟΝ ΦΕΒΡΟΥΑΡΙΟΝ ΔΙΑΓΩΝΙΣΜΟΣ ΔΙΑ ΤΗΝ ΠΡΟΣΛΗΨΙΝ 30 ΔΙΠΛΩΜΑΤΙΚΩΝ ΥΠΑΛΛΗΛΩΝ

ΑΘΗΝΑΙ, 16.— Καθ' άρμοδίαν ανακοίνωσιν του υπουργείου Εξωτερικών, τον προσεχή Φεβρουάριον θα διενεργηθή διαγωνισμός δια την πρόσληψιν 30 διπλωματικών υπαλλήλων. Οι υποψήφιοι πρέπει να είναι πτυχιούχοι ανωτάτων σχολών και να γνωρίζουν δύο ξένας γλώσσας.

εις τον διαγωνισμόν αι αιτήσεις θα υποβληθούν έως την 15ην Ιανουαρίου εις το υπουργείον. Λεπτομερείας παρέχει το γραφείον προσωπικού του υπουργείου.

ΣΗΜΑΝΤΙΚΑΙ ΑΙ ΔΙΑΤΙΘΕΜΕΝΑΙ ΠΙΣΤΩΣΕΙΣ ΔΙΑ ΤΗΝ ΑΝΕΓΕΡΣΙΝ ΕΡΓΑΤΙΚΩΝ ΚΑΤΟΙΚΙΩΝ

ΑΘΗΝΑΙ, 16.— Συνεχίζεται το πρόγραμμα ανεγέρσεως εργατικών κατοικιών δια το οποίον διετέθησαν σημαντικαί πιστώσεις. Κατά το 1971 θα ανεγερθούν νέαι κατοικίαι εις Αθήνας, Πειραιά, Θεσσαλονίκην, Πάτρας, Βόλον, Ηράκλειον και άλλας πόλεις.

εις τας οποίας θα στεγασθούν εργατικαί οικογένειαι. Αι κατοικίαι θα διατεθούν με μακροχρόνια δάνεια. Αι κληρώσεις δια την παράδοσιν των κατοικιών θα γίνουν κατά το πρώτον τρίμηνον του 1971.

ΣΥΝΗΛΘΕΝ Η ΤΟΥΡΚΙΚΗ ΕΘΝΟΣΥΝΕΛΕΥΣΙΣ ΔΙΑ ΤΑΣ ΚΑΤΗΓΟΡΙΑΣ ΚΑΤΑ ΤΟΥ ΝΤΕΜΙΡΕΛ

ΣΥΝΕΧΕΙΑ ΕΚ ΤΗΣ 1ΗΣ ΣΕΛ. ΑΓΚΥΡΑ, 16.— Η Τουρκική Εθνοσυνέλευσις συνήλθεν εις έκτακτον συνεδρίασιν δια να εξετάση τας κατηγορίας αι οποίαι διετυπώθησαν κατά του πρωθυπουργού κ. Ντεμιρέλ. Η αντιπολίτευσις ζητεί την σύστασιν εξεταστικής επιτροπής.

ΣΥΝΗΛΘΕΝ Η ΕΘΝΟΣΥΝΕΛΕΥΣΙΣ. Εις την συνεδρίασιν ωμίλησαν οι αρχηγοί των κομμάτων. Ο κ. Ντεμιρέλ απέρριψε τας κατηγορίας ως αβασίμους και εδήλωσεν ότι η κυβέρνησις θα συνεχίση το έργον της.

ΔΕΗ ΔΙΑΚΟΠΗ ΗΛΕΚΤΡΙΚΟΥ ΡΕΥΜΑΤΟΣ
ΕΙΣ ΤΟΝ ΝΟΜΟΝ ΧΑΛΚΙΔΙΚΗΣ

Φέρεται εις γνώσιν των καταναλωτών ότι την Σάββατον 19ην Δεκεμβρίου και κατά τας κάτωθι ώρας θα διακοπή η παροχή ηλεκτρικού ρεύματος εις τας κάτωθι περιοχάς: 1) Από ώρας 12.30—13.00 εις Άγιον Νικόλαον. 2) Από ώρας 08.30—13.00 εις τα χωρία Γερακινή, Ορμύλια, Βατοπέδι. 3) Από ώρας 09.00—13.00 εις Ν. Μαρμαρά, Συκιά. Η επαναφορά της τάσεως είναι δυνατόν να γίνη ενωρίτερον. Δια λόγους ασφαλείας απαγορεύεται εις έκαστον να εγγίζη τα σύρματα.

Εκ της Δ.Ε.Η.
